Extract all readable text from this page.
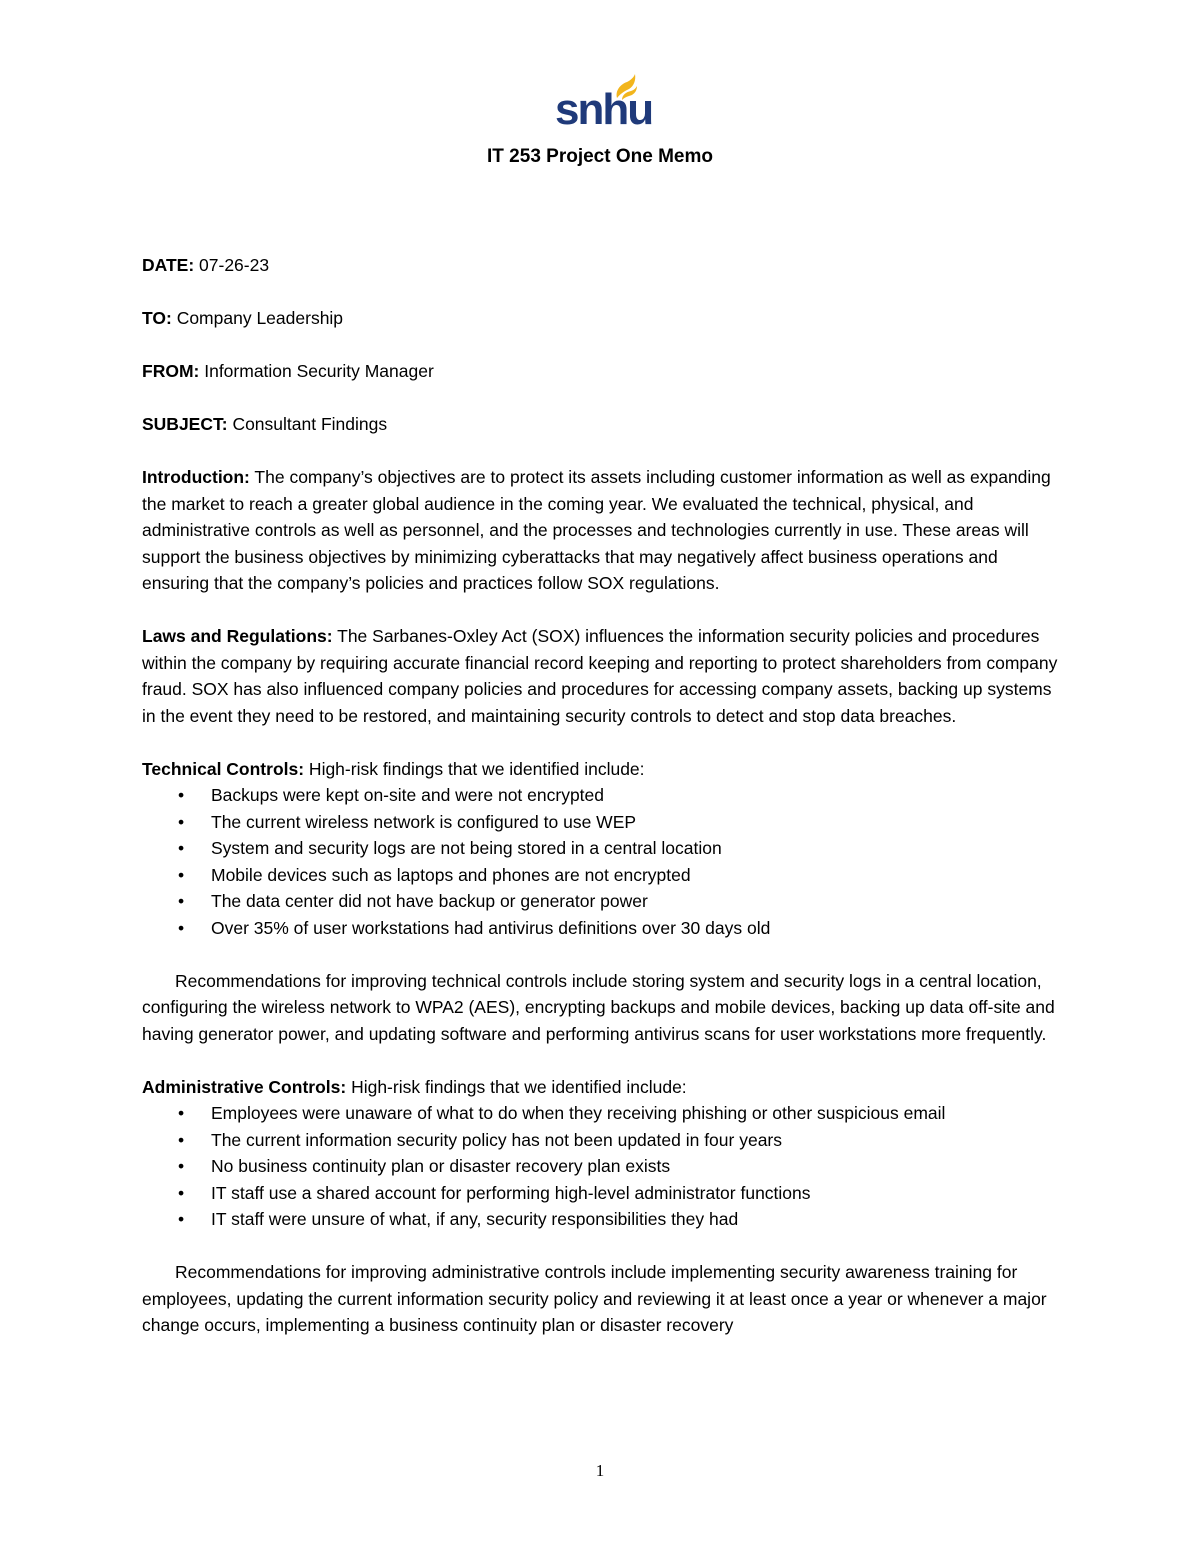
snhu
IT 253 Project One Memo

DATE: 07-26-23

TO: Company Leadership

FROM: Information Security Manager

SUBJECT: Consultant Findings

Introduction: The company’s objectives are to protect its assets including customer information as well as expanding the market to reach a greater global audience in the coming year. We evaluated the technical, physical, and administrative controls as well as personnel, and the processes and technologies currently in use. These areas will support the business objectives by minimizing cyberattacks that may negatively affect business operations and ensuring that the company’s policies and practices follow SOX regulations.

Laws and Regulations: The Sarbanes-Oxley Act (SOX) influences the information security policies and procedures within the company by requiring accurate financial record keeping and reporting to protect shareholders from company fraud. SOX has also influenced company policies and procedures for accessing company assets, backing up systems in the event they need to be restored, and maintaining security controls to detect and stop data breaches.

Technical Controls: High-risk findings that we identified include:

• Backups were kept on-site and were not encrypted
• The current wireless network is configured to use WEP
• System and security logs are not being stored in a central location
• Mobile devices such as laptops and phones are not encrypted
• The data center did not have backup or generator power
• Over 35% of user workstations had antivirus definitions over 30 days old

Recommendations for improving technical controls include storing system and security logs in a central location, configuring the wireless network to WPA2 (AES), encrypting backups and mobile devices, backing up data off-site and having generator power, and updating software and performing antivirus scans for user workstations more frequently.

Administrative Controls: High-risk findings that we identified include:

• Employees were unaware of what to do when they receiving phishing or other suspicious email
• The current information security policy has not been updated in four years
• No business continuity plan or disaster recovery plan exists
• IT staff use a shared account for performing high-level administrator functions
• IT staff were unsure of what, if any, security responsibilities they had

Recommendations for improving administrative controls include implementing security awareness training for employees, updating the current information security policy and reviewing it at least once a year or whenever a major change occurs, implementing a business continuity plan or disaster recovery

1
